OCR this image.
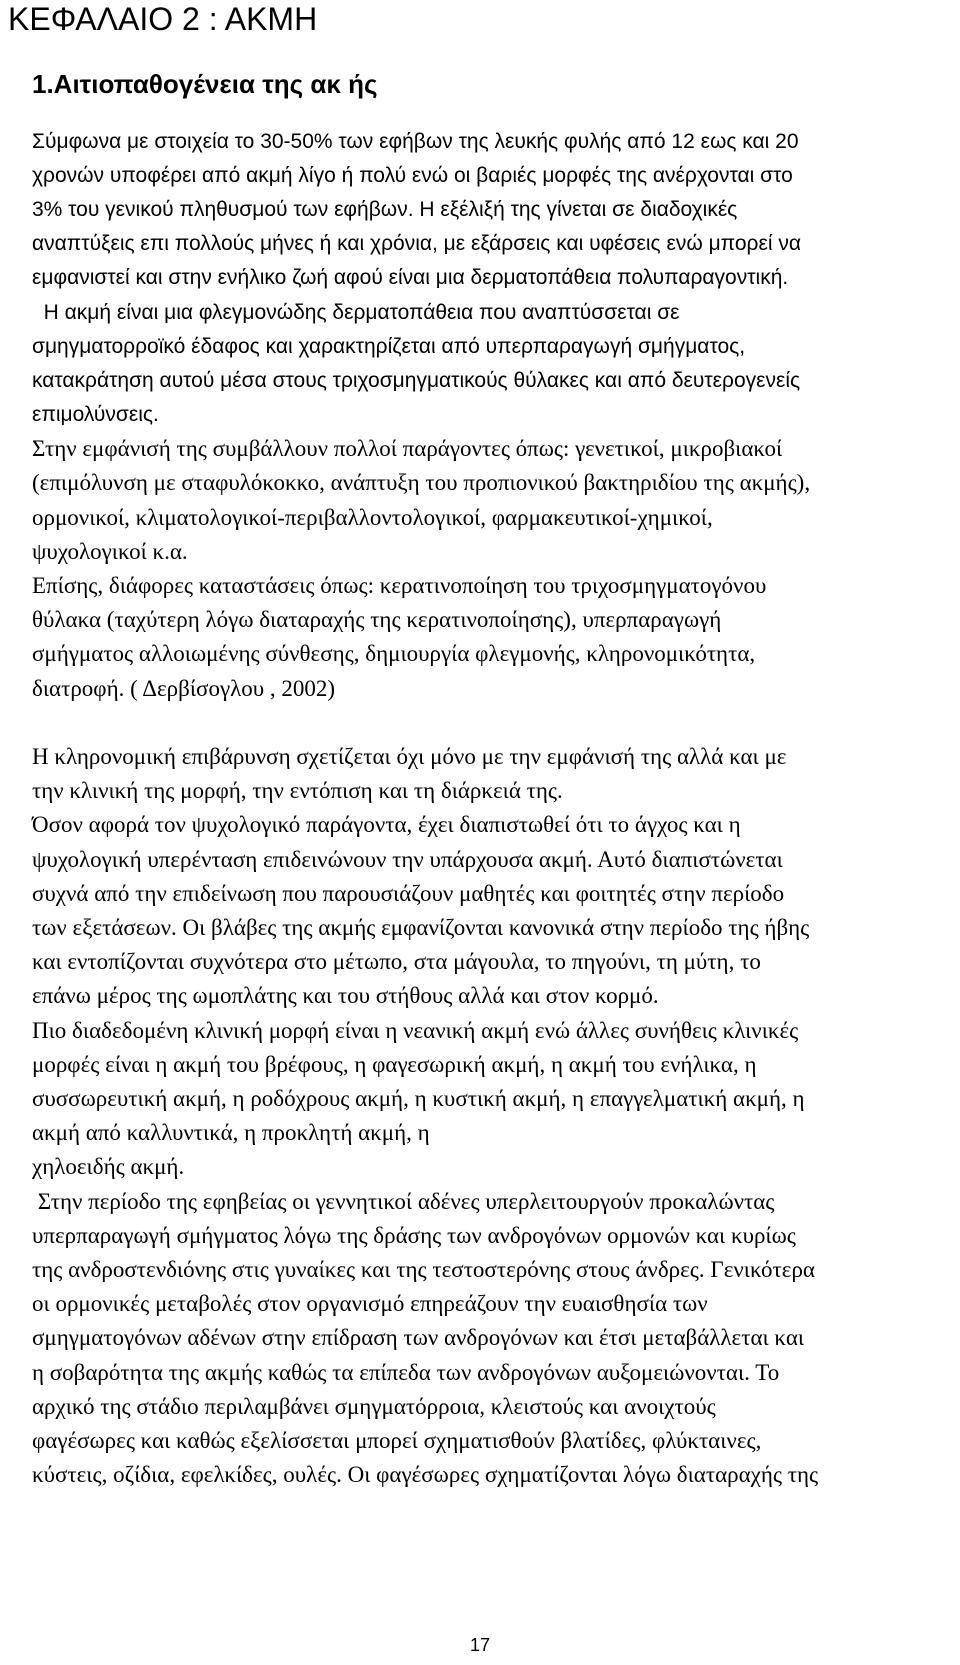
ΚΕΦΑΛΑΙΟ 2 : ΑΚΜΗ
1.Αιτιοπαθογένεια της ακ ής
Σύμφωνα με στοιχεία το 30-50% των εφήβων της λευκής φυλής από 12 εως και 20
χρονών υποφέρει από ακμή λίγο ή πολύ ενώ οι βαριές μορφές της ανέρχονται στο
3% του γενικού πληθυσμού των εφήβων. Η εξέλιξή της γίνεται σε διαδοχικές
αναπτύξεις επι πολλούς μήνες ή και χρόνια, με εξάρσεις και υφέσεις ενώ μπορεί να
εμφανιστεί και στην ενήλικο ζωή αφού είναι μια δερματοπάθεια πολυπαραγοντική.
Η ακμή είναι μια φλεγμονώδης δερματοπάθεια που αναπτύσσεται σε
σμηγματορροϊκό έδαφος και χαρακτηρίζεται από υπερπαραγωγή σμήγματος,
κατακράτηση αυτού μέσα στους τριχοσμηγματικούς θύλακες και από δευτερογενείς
επιμολύνσεις.
Στην εμφάνισή της συμβάλλουν πολλοί παράγοντες όπως: γενετικοί, μικροβιακοί
(επιμόλυνση με σταφυλόκοκκο, ανάπτυξη του προπιονικού βακτηριδίου της ακμής),
ορμονικοί, κλιματολογικοί-περιβαλλοντολογικοί, φαρμακευτικοί-χημικοί,
ψυχολογικοί κ.α.
Επίσης, διάφορες καταστάσεις όπως: κερατινοποίηση του τριχοσμηγματογόνου
θύλακα (ταχύτερη λόγω διαταραχής της κερατινοποίησης), υπερπαραγωγή
σμήγματος αλλοιωμένης σύνθεσης, δημιουργία φλεγμονής, κληρονομικότητα,
διατροφή. ( Δερβίσογλου , 2002)
Η κληρονομική επιβάρυνση σχετίζεται όχι μόνο με την εμφάνισή της αλλά και με
την κλινική της μορφή, την εντόπιση και τη διάρκειά της.
Όσον αφορά τον ψυχολογικό παράγοντα, έχει διαπιστωθεί ότι το άγχος και η
ψυχολογική υπερένταση επιδεινώνουν την υπάρχουσα ακμή. Αυτό διαπιστώνεται
συχνά από την επιδείνωση που παρουσιάζουν μαθητές και φοιτητές στην περίοδο
των εξετάσεων. Οι βλάβες της ακμής εμφανίζονται κανονικά στην περίοδο της ήβης
και εντοπίζονται συχνότερα στο μέτωπο, στα μάγουλα, το πηγούνι, τη μύτη, το
επάνω μέρος της ωμοπλάτης και του στήθους αλλά και στον κορμό.
Πιο διαδεδομένη κλινική μορφή είναι η νεανική ακμή ενώ άλλες συνήθεις κλινικές
μορφές είναι η ακμή του βρέφους, η φαγεσωρική ακμή, η ακμή του ενήλικα, η
συσσωρευτική ακμή, η ροδόχρους ακμή, η κυστική ακμή, η επαγγελματική ακμή, η
ακμή από καλλυντικά, η προκλητή ακμή, η
χηλοειδής ακμή.
Στην περίοδο της εφηβείας οι γεννητικοί αδένες υπερλειτουργούν προκαλώντας
υπερπαραγωγή σμήγματος λόγω της δράσης των ανδρογόνων ορμονών και κυρίως
της ανδροστενδιόνης στις γυναίκες και της τεστοστερόνης στους άνδρες. Γενικότερα
οι ορμονικές μεταβολές στον οργανισμό επηρεάζουν την ευαισθησία των
σμηγματογόνων αδένων στην επίδραση των ανδρογόνων και έτσι μεταβάλλεται και
η σοβαρότητα της ακμής καθώς τα επίπεδα των ανδρογόνων αυξομειώνονται. Το
αρχικό της στάδιο περιλαμβάνει σμηγματόρροια, κλειστούς και ανοιχτούς
φαγέσωρες και καθώς εξελίσσεται μπορεί σχηματισθούν βλατίδες, φλύκταινες,
κύστεις, οζίδια, εφελκίδες, ουλές. Οι φαγέσωρες σχηματίζονται λόγω διαταραχής της
17
